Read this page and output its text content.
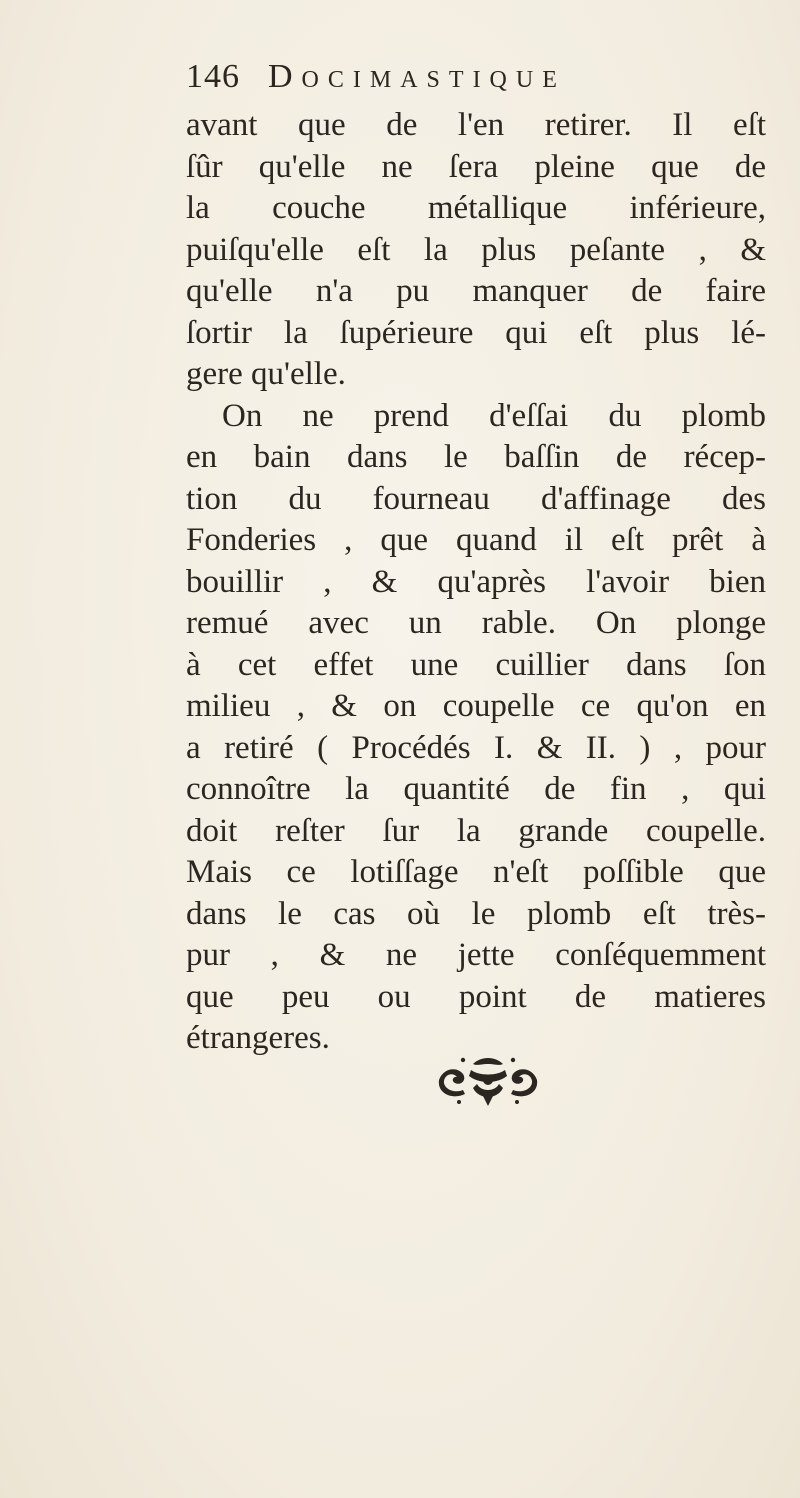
146 Docimastique
avant que de l'en retirer. Il eſt
ſûr qu'elle ne ſera pleine que de
la couche métallique inférieure,
puiſqu'elle eſt la plus peſante , &
qu'elle n'a pu manquer de faire
ſortir la ſupérieure qui eſt plus lé-
gere qu'elle.
On ne prend d'eſſai du plomb
en bain dans le baſſin de récep-
tion du fourneau d'affinage des
Fonderies , que quand il eſt prêt à
bouillir , & qu'après l'avoir bien
remué avec un rable. On plonge
à cet effet une cuillier dans ſon
milieu , & on coupelle ce qu'on en
a retiré ( Procédés I. & II. ) , pour
connoître la quantité de fin , qui
doit reſter ſur la grande coupelle.
Mais ce lotiſſage n'eſt poſſible que
dans le cas où le plomb eſt très-
pur , & ne jette conſéquemment
que peu ou point de matieres
étrangeres.
